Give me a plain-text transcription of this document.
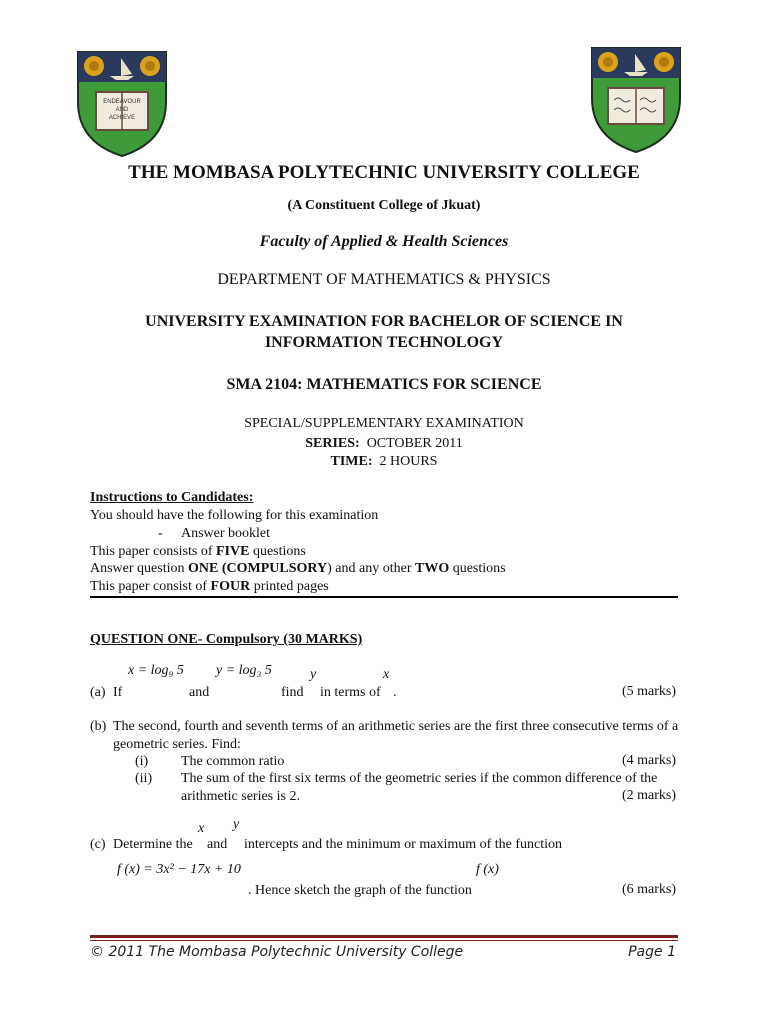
ENDEAVOUR
AND
ACHIEVE
THE MOMBASA POLYTECHNIC UNIVERSITY COLLEGE
(A Constituent College of Jkuat)
Faculty of Applied & Health Sciences
DEPARTMENT OF MATHEMATICS & PHYSICS
UNIVERSITY EXAMINATION FOR BACHELOR OF SCIENCE IN
INFORMATION TECHNOLOGY
SMA 2104: MATHEMATICS FOR SCIENCE
SPECIAL/SUPPLEMENTARY EXAMINATION
SERIES: OCTOBER 2011
TIME: 2 HOURS
Instructions to Candidates:
You should have the following for this examination
- Answer booklet
This paper consists of FIVE questions
Answer question ONE (COMPULSORY) and any other TWO questions
This paper consist of FOUR printed pages
QUESTION ONE- Compulsory (30 MARKS)
x = log₉ 5 y = log₃ 5	y	x
(a) If	and	find in terms of .	(5 marks)
(b) The second, fourth and seventh terms of an arithmetic series are the first three consecutive terms of a
geometric series. Find:
(i) The common ratio	(4 marks)
(ii) The sum of the first six terms of the geometric series if the common difference of the
arithmetic series is 2.	(2 marks)
x y
(c) Determine the and intercepts and the minimum or maximum of the function
f (x) = 3x² − 17x + 10	f (x)
. Hence sketch the graph of the function	(6 marks)
© 2011 The Mombasa Polytechnic University College	Page 1
